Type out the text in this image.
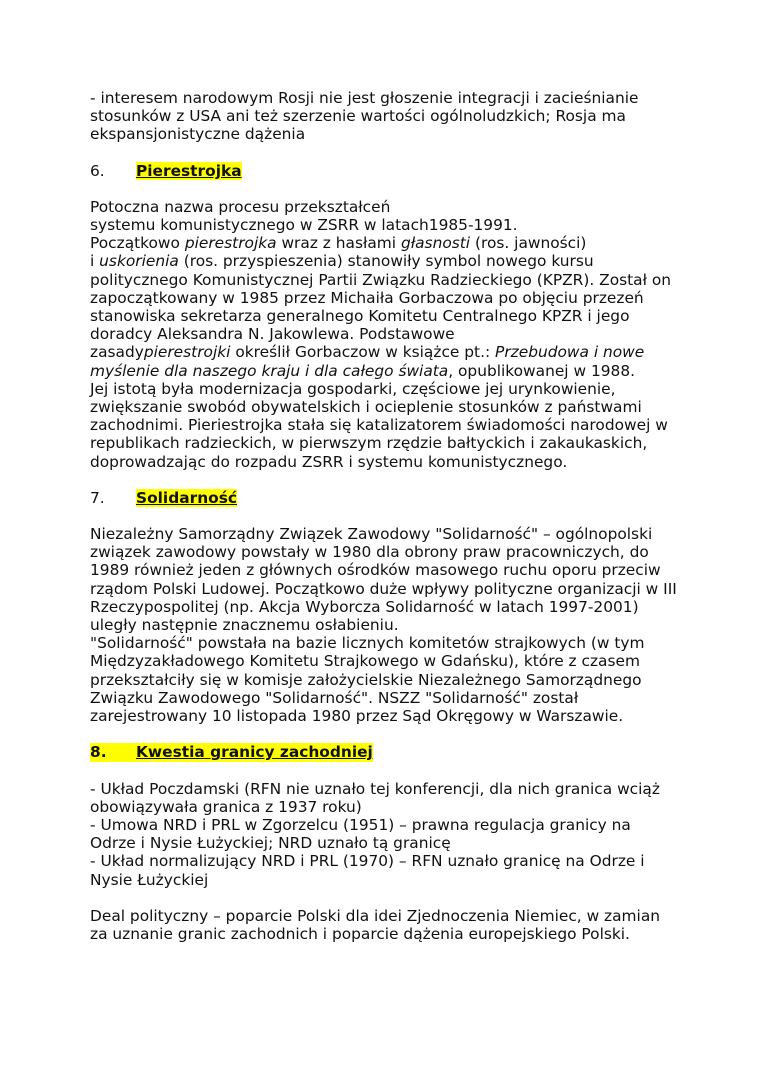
- interesem narodowym Rosji nie jest głoszenie integracji i zacieśnianie stosunków z USA ani też szerzenie wartości ogólnoludzkich; Rosja ma ekspansjonistyczne dążenia

6.	Pierestrojka

Potoczna nazwa procesu przekształceń

systemu komunistycznego w ZSRR w latach1985-1991.

Początkowo pierestrojka wraz z hasłami głasnosti (ros. jawności)

i uskorienia (ros. przyspieszenia) stanowiły symbol nowego kursu politycznego Komunistycznej Partii Związku Radzieckiego (KPZR). Został on zapoczątkowany w 1985 przez Michaiła Gorbaczowa po objęciu przezeń stanowiska sekretarza generalnego Komitetu Centralnego KPZR i jego doradcy Aleksandra N. Jakowlewa. Podstawowe

zasadypierestrojki określił Gorbaczow w książce pt.: Przebudowa i nowe myślenie dla naszego kraju i dla całego świata, opublikowanej w 1988.

Jej istotą była modernizacja gospodarki, częściowe jej urynkowienie, zwiększanie swobód obywatelskich i ocieplenie stosunków z państwami zachodnimi. Pieriestrojka stała się katalizatorem świadomości narodowej w republikach radzieckich, w pierwszym rzędzie bałtyckich i zakaukaskich, doprowadzając do rozpadu ZSRR i systemu komunistycznego.

7.	Solidarność

Niezależny Samorządny Związek Zawodowy "Solidarność" – ogólnopolski związek zawodowy powstały w 1980 dla obrony praw pracowniczych, do 1989 również jeden z głównych ośrodków masowego ruchu oporu przeciw rządom Polski Ludowej. Początkowo duże wpływy polityczne organizacji w III Rzeczypospolitej (np. Akcja Wyborcza Solidarność w latach 1997-2001) uległy następnie znacznemu osłabieniu.

"Solidarność" powstała na bazie licznych komitetów strajkowych (w tym Międzyzakładowego Komitetu Strajkowego w Gdańsku), które z czasem przekształciły się w komisje założycielskie Niezależnego Samorządnego Związku Zawodowego "Solidarność". NSZZ "Solidarność" został zarejestrowany 10 listopada 1980 przez Sąd Okręgowy w Warszawie.

8.	Kwestia granicy zachodniej

- Układ Poczdamski (RFN nie uznało tej konferencji, dla nich granica wciąż obowiązywała granica z 1937 roku)

- Umowa NRD i PRL w Zgorzelcu (1951) – prawna regulacja granicy na Odrze i Nysie Łużyckiej; NRD uznało tą granicę

- Układ normalizujący NRD i PRL (1970) – RFN uznało granicę na Odrze i Nysie Łużyckiej

Deal polityczny – poparcie Polski dla idei Zjednoczenia Niemiec, w zamian za uznanie granic zachodnich i poparcie dążenia europejskiego Polski.
